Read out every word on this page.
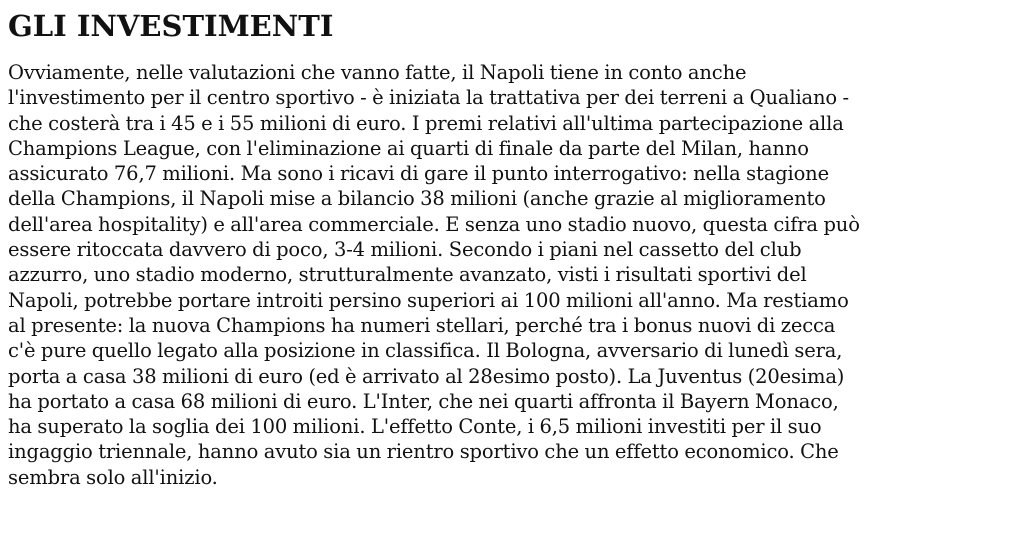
GLI INVESTIMENTI

Ovviamente, nelle valutazioni che vanno fatte, il Napoli tiene in conto anche
l'investimento per il centro sportivo - è iniziata la trattativa per dei terreni a Qualiano -
che costerà tra i 45 e i 55 milioni di euro. I premi relativi all'ultima partecipazione alla
Champions League, con l'eliminazione ai quarti di finale da parte del Milan, hanno
assicurato 76,7 milioni. Ma sono i ricavi di gare il punto interrogativo: nella stagione
della Champions, il Napoli mise a bilancio 38 milioni (anche grazie al miglioramento
dell'area hospitality) e all'area commerciale. E senza uno stadio nuovo, questa cifra può
essere ritoccata davvero di poco, 3-4 milioni. Secondo i piani nel cassetto del club
azzurro, uno stadio moderno, strutturalmente avanzato, visti i risultati sportivi del
Napoli, potrebbe portare introiti persino superiori ai 100 milioni all'anno. Ma restiamo
al presente: la nuova Champions ha numeri stellari, perché tra i bonus nuovi di zecca
c'è pure quello legato alla posizione in classifica. Il Bologna, avversario di lunedì sera,
porta a casa 38 milioni di euro (ed è arrivato al 28esimo posto). La Juventus (20esima)
ha portato a casa 68 milioni di euro. L'Inter, che nei quarti affronta il Bayern Monaco,
ha superato la soglia dei 100 milioni. L'effetto Conte, i 6,5 milioni investiti per il suo
ingaggio triennale, hanno avuto sia un rientro sportivo che un effetto economico. Che
sembra solo all'inizio.
